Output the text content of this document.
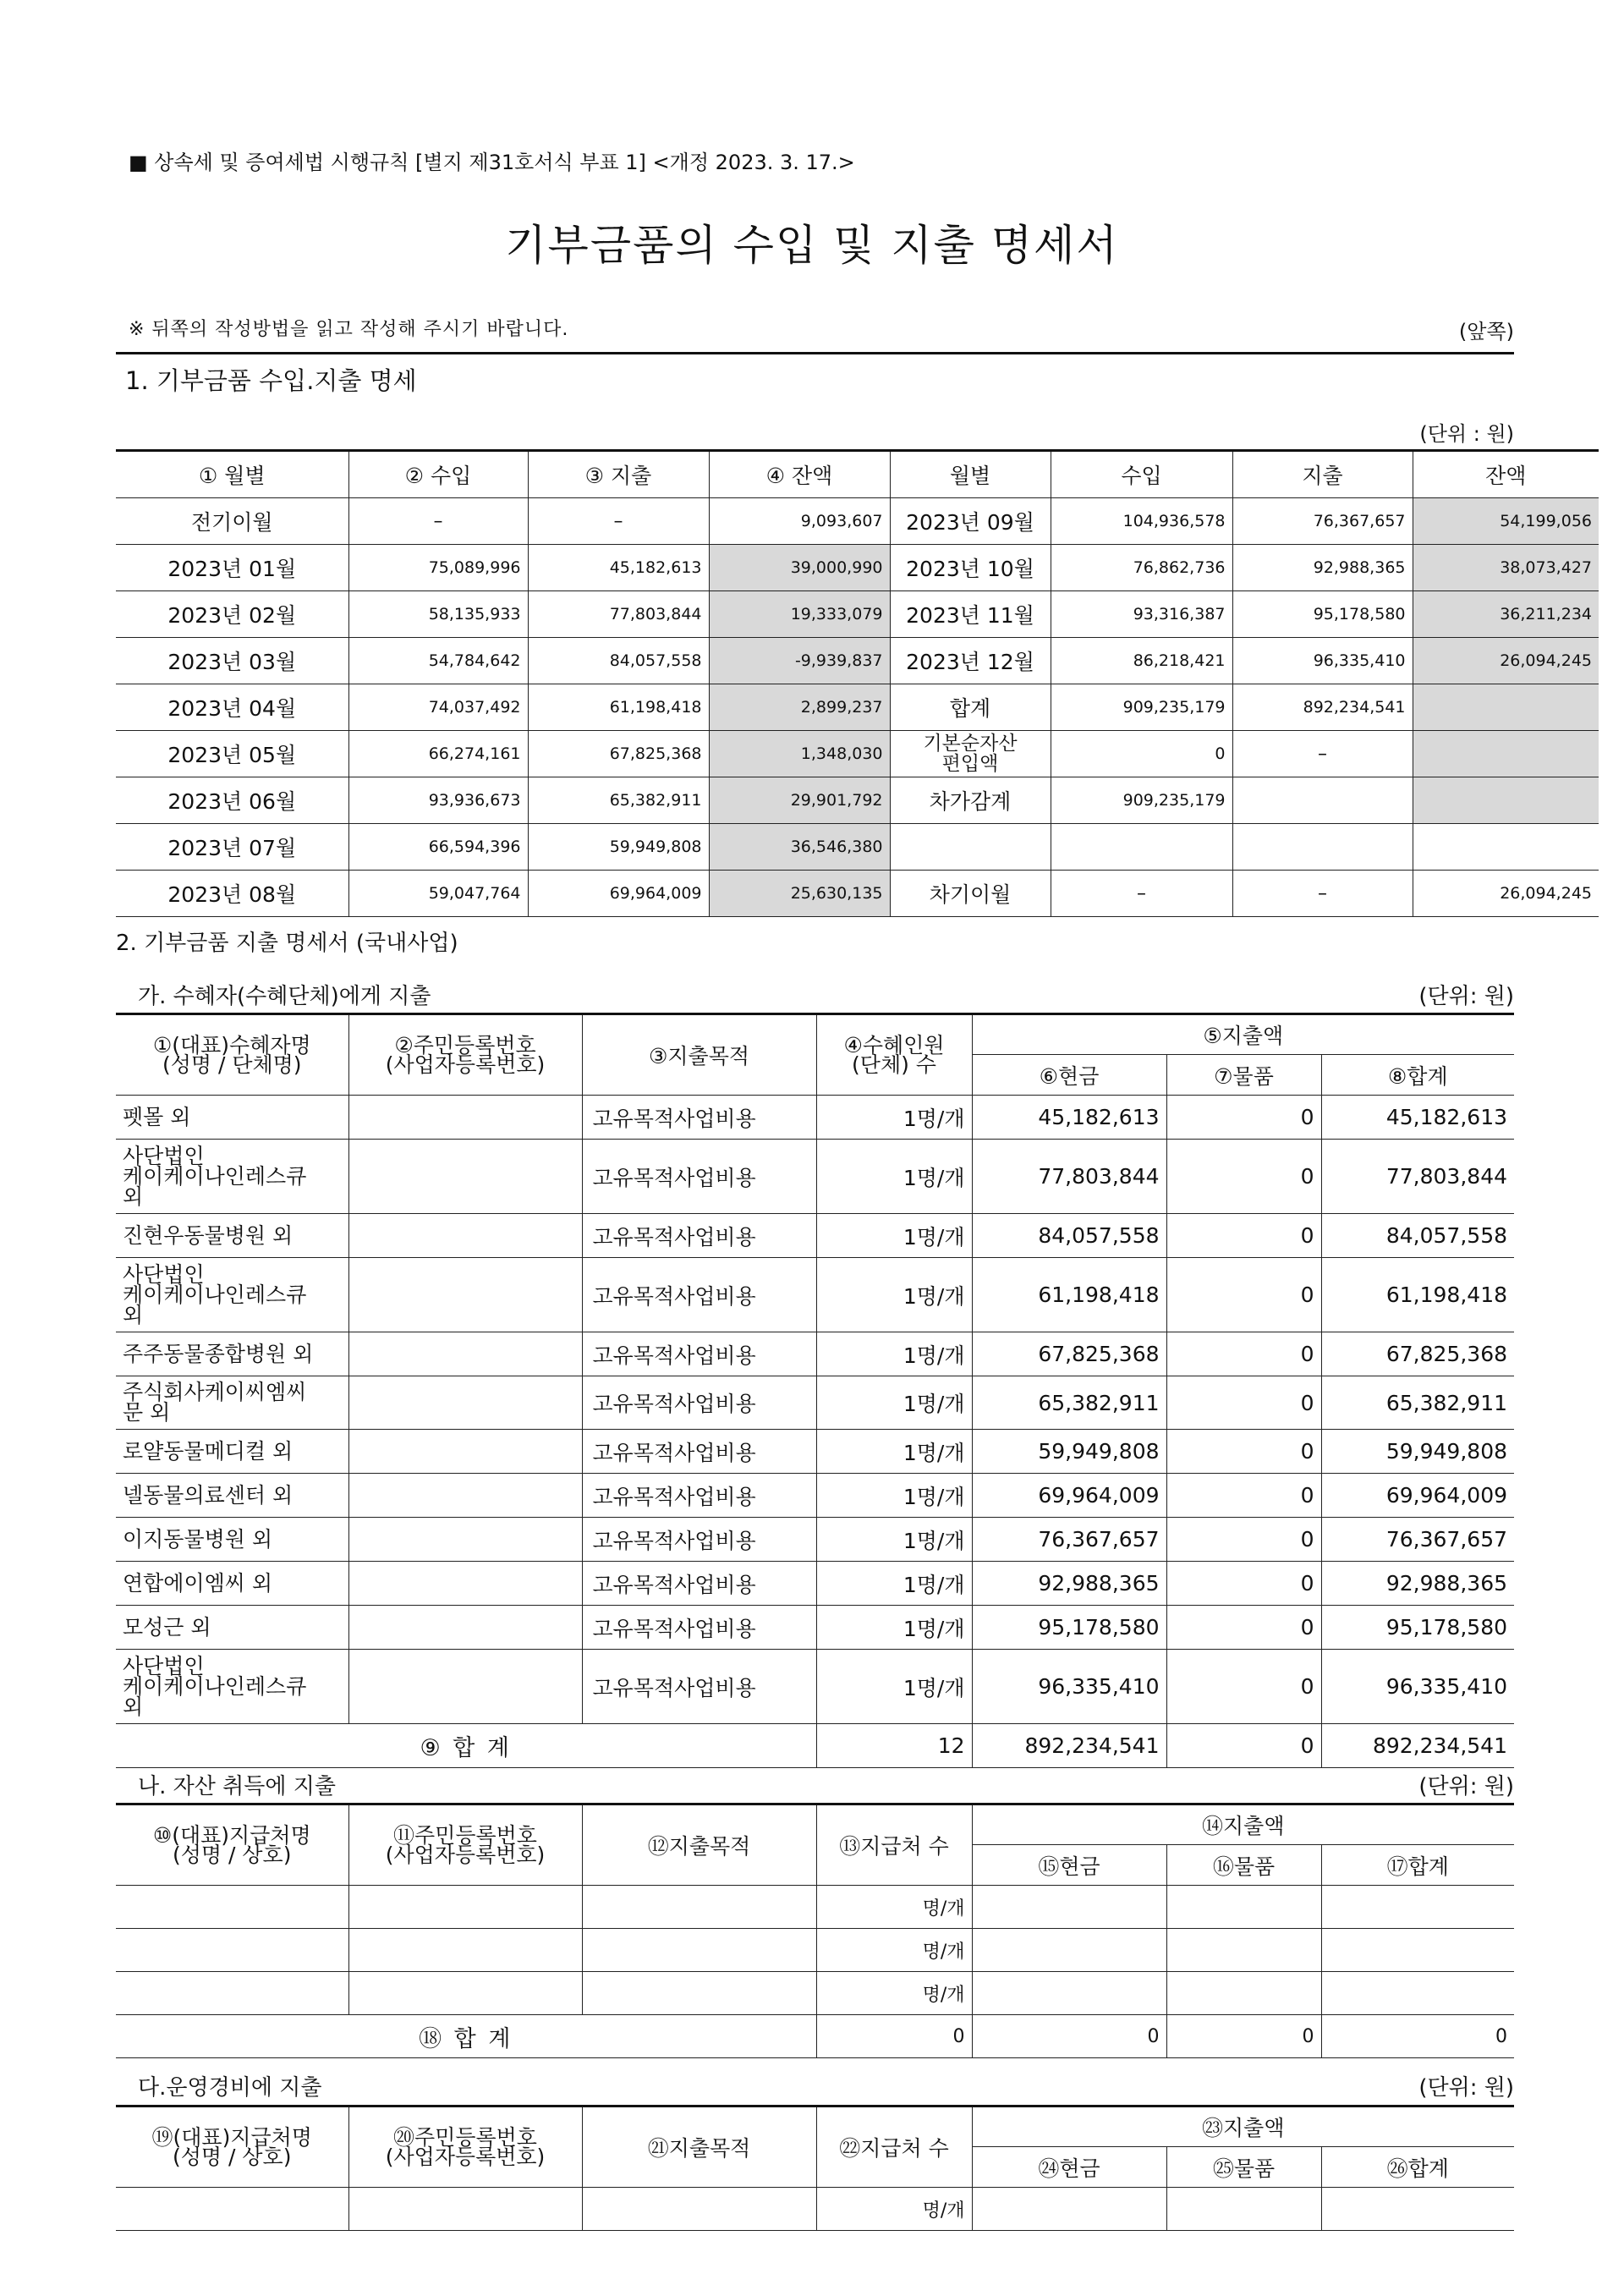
■ 상속세 및 증여세법 시행규칙 [별지 제31호서식 부표 1] <개정 2023. 3. 17.>
기부금품의 수입 및 지출 명세서
※ 뒤쪽의 작성방법을 읽고 작성해 주시기 바랍니다.	(앞쪽)
1. 기부금품 수입.지출 명세
(단위 : 원)
① 월별	② 수입	③ 지출	④ 잔액	월별	수입	지출	잔액
전기이월	–	–	9,093,607	2023년 09월	104,936,578	76,367,657	54,199,056
2023년 01월	75,089,996	45,182,613	39,000,990	2023년 10월	76,862,736	92,988,365	38,073,427
2023년 02월	58,135,933	77,803,844	19,333,079	2023년 11월	93,316,387	95,178,580	36,211,234
2023년 03월	54,784,642	84,057,558	-9,939,837	2023년 12월	86,218,421	96,335,410	26,094,245
2023년 04월	74,037,492	61,198,418	2,899,237	합계	909,235,179	892,234,541	
2023년 05월	66,274,161	67,825,368	1,348,030	기본순자산
편입액	0	–	
2023년 06월	93,936,673	65,382,911	29,901,792	차가감계	909,235,179		
2023년 07월	66,594,396	59,949,808	36,546,380				
2023년 08월	59,047,764	69,964,009	25,630,135	차기이월	–	–	26,094,245
2. 기부금품 지출 명세서 (국내사업)
가. 수혜자(수혜단체)에게 지출	(단위: 원)
①(대표)수혜자명
(성명 / 단체명)	②주민등록번호
(사업자등록번호)	③지출목적	④수혜인원
(단체) 수	⑤지출액		
				⑥현금	⑦물품	⑧합계
펫몰 외		고유목적사업비용	1명/개	45,182,613	0	45,182,613
사단법인
케이케이나인레스큐
외		고유목적사업비용	1명/개	77,803,844	0	77,803,844
진현우동물병원 외		고유목적사업비용	1명/개	84,057,558	0	84,057,558
사단법인
케이케이나인레스큐
외		고유목적사업비용	1명/개	61,198,418	0	61,198,418
주주동물종합병원 외		고유목적사업비용	1명/개	67,825,368	0	67,825,368
주식회사케이씨엠씨
문 외		고유목적사업비용	1명/개	65,382,911	0	65,382,911
로얄동물메디컬 외		고유목적사업비용	1명/개	59,949,808	0	59,949,808
넬동물의료센터 외		고유목적사업비용	1명/개	69,964,009	0	69,964,009
이지동물병원 외		고유목적사업비용	1명/개	76,367,657	0	76,367,657
연합에이엠씨 외		고유목적사업비용	1명/개	92,988,365	0	92,988,365
모성근 외		고유목적사업비용	1명/개	95,178,580	0	95,178,580
사단법인
케이케이나인레스큐
외		고유목적사업비용	1명/개	96,335,410	0	96,335,410
⑨ 합 계			12	892,234,541	0	892,234,541
나. 자산 취득에 지출	(단위: 원)
⑩(대표)지급처명
(성명 / 상호)	⑪주민등록번호
(사업자등록번호)	⑫지출목적	⑬지급처 수	⑭지출액		
				⑮현금	⑯물품	⑰합계
			명/개			
			명/개			
			명/개			
⑱ 합 계			0	0	0	0
다.운영경비에 지출	(단위: 원)
⑲(대표)지급처명
(성명 / 상호)	⑳주민등록번호
(사업자등록번호)	㉑지출목적	㉒지급처 수	㉓지출액		
				㉔현금	㉕물품	㉖합계
			명/개			
